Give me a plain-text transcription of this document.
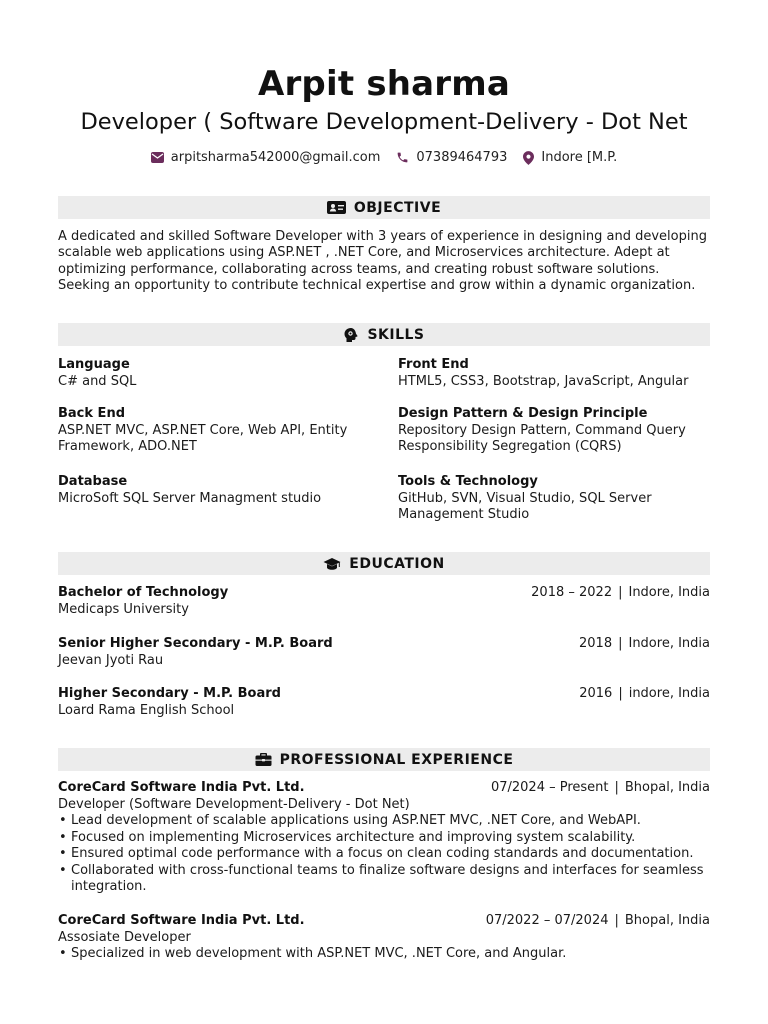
Arpit sharma
Developer ( Software Development-Delivery - Dot Net
arpitsharma542000@gmail.com	07389464793	Indore [M.P.
OBJECTIVE
A dedicated and skilled Software Developer with 3 years of experience in designing and developing
scalable web applications using ASP.NET , .NET Core, and Microservices architecture. Adept at
optimizing performance, collaborating across teams, and creating robust software solutions.
Seeking an opportunity to contribute technical expertise and grow within a dynamic organization.
SKILLS
Language
C# and SQL
Front End
HTML5, CSS3, Bootstrap, JavaScript, Angular
Back End
ASP.NET MVC, ASP.NET Core, Web API, Entity
Framework, ADO.NET
Design Pattern & Design Principle
Repository Design Pattern, Command Query
Responsibility Segregation (CQRS)
Database
MicroSoft SQL Server Managment studio
Tools & Technology
GitHub, SVN, Visual Studio, SQL Server
Management Studio
EDUCATION
Bachelor of Technology
Medicaps University
2018 – 2022 | Indore, India
Senior Higher Secondary - M.P. Board
Jeevan Jyoti Rau
2018 | Indore, India
Higher Secondary - M.P. Board
Loard Rama English School
2016 | indore, India
PROFESSIONAL EXPERIENCE
CoreCard Software India Pvt. Ltd.
Developer (Software Development-Delivery - Dot Net)
07/2024 – Present | Bhopal, India
• Lead development of scalable applications using ASP.NET MVC, .NET Core, and WebAPI.
• Focused on implementing Microservices architecture and improving system scalability.
• Ensured optimal code performance with a focus on clean coding standards and documentation.
• Collaborated with cross-functional teams to finalize software designs and interfaces for seamless integration.
CoreCard Software India Pvt. Ltd.
Assosiate Developer
07/2022 – 07/2024 | Bhopal, India
• Specialized in web development with ASP.NET MVC, .NET Core, and Angular.
